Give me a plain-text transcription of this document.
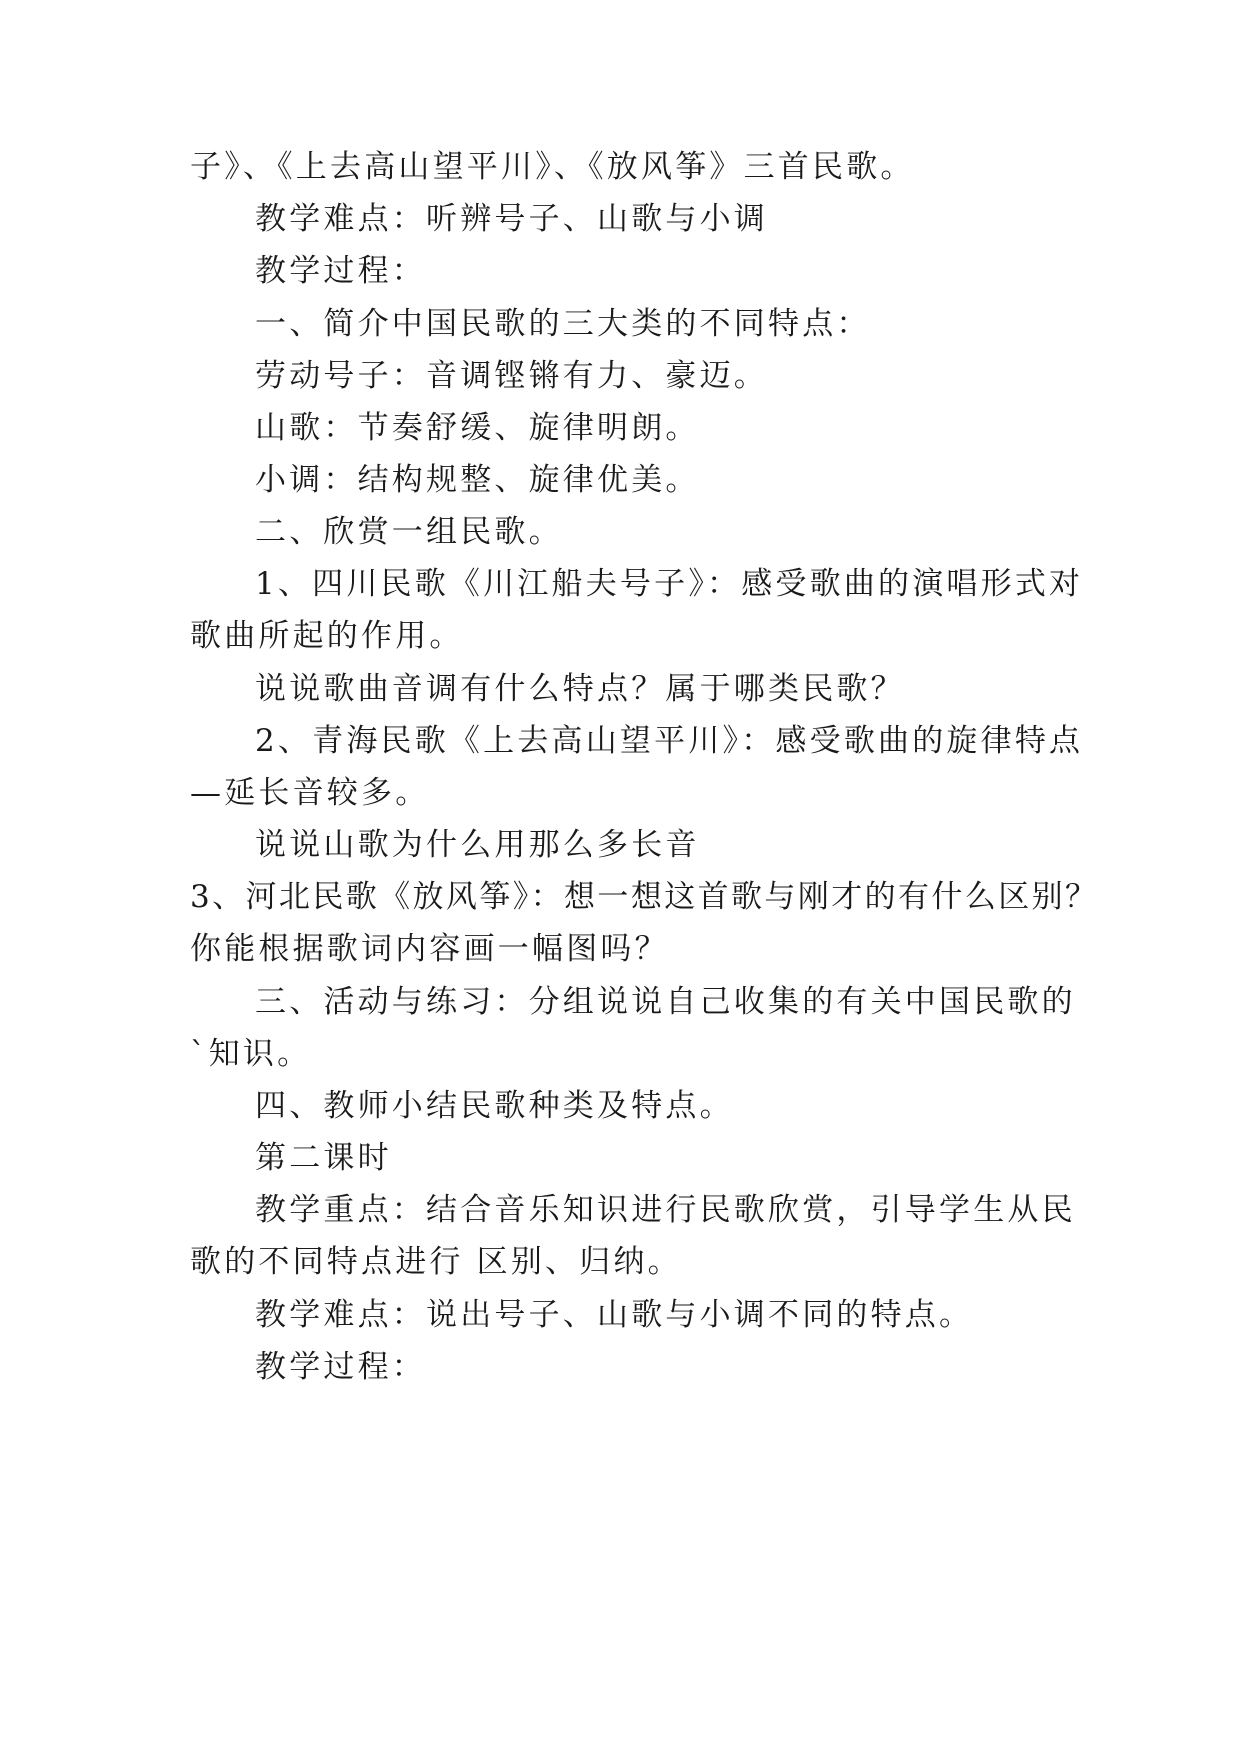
子》、《上去高山望平川》、《放风筝》三首民歌。
教学难点：听辨号子、山歌与小调
教学过程：
一、简介中国民歌的三大类的不同特点：
劳动号子：音调铿锵有力、豪迈。
山歌：节奏舒缓、旋律明朗。
小调：结构规整、旋律优美。
二、欣赏一组民歌。
1、四川民歌《川江船夫号子》：感受歌曲的演唱形式对
歌曲所起的作用。
说说歌曲音调有什么特点？属于哪类民歌？
2、青海民歌《上去高山望平川》：感受歌曲的旋律特点
—延长音较多。
说说山歌为什么用那么多长音
3、河北民歌《放风筝》：想一想这首歌与刚才的有什么区别？
你能根据歌词内容画一幅图吗？
三、活动与练习：分组说说自己收集的有关中国民歌的
`知识。
四、教师小结民歌种类及特点。
第二课时
教学重点：结合音乐知识进行民歌欣赏，引导学生从民
歌的不同特点进行 区别、归纳。
教学难点：说出号子、山歌与小调不同的特点。
教学过程：
